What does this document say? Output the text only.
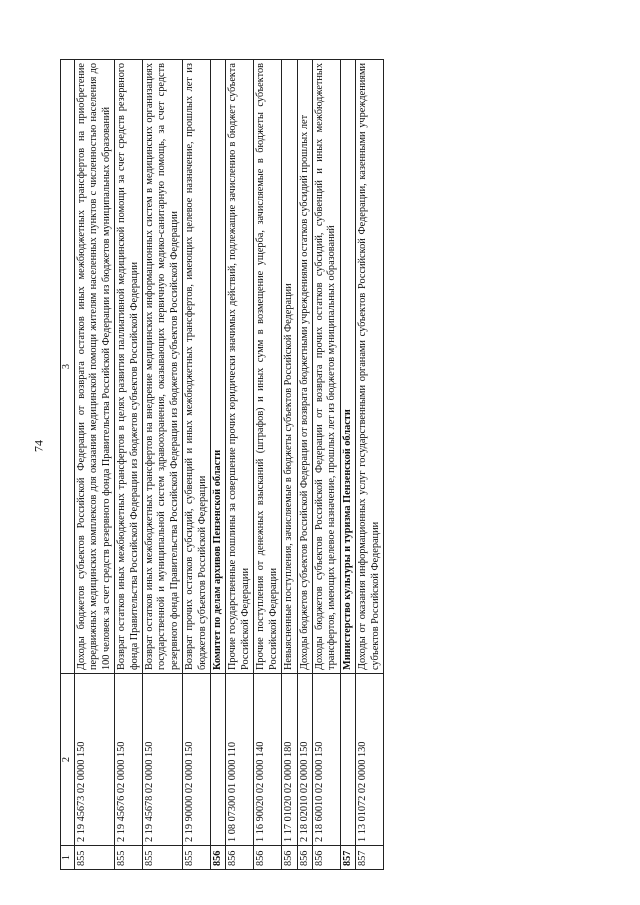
74
1	2	3
855	2 19 45673 02 0000 150	Доходы бюджетов субъектов Российской Федерации от возврата остатков иных межбюджетных трансфертов на приобретение передвижных медицинских комплексов для оказания медицинской помощи жителям населенных пунктов с численностью населения до 100 человек за счет средств резервного фонда Правительства Российской Федерации из бюджетов муниципальных образований
855	2 19 45676 02 0000 150	Возврат остатков иных межбюджетных трансфертов в целях развития паллиативной медицинской помощи за счет средств резервного фонда Правительства Российской Федерации из бюджетов субъектов Российской Федерации
855	2 19 45678 02 0000 150	Возврат остатков иных межбюджетных трансфертов на внедрение медицинских информационных систем в медицинских организациях государственной и муниципальной систем здравоохранения, оказывающих первичную медико-санитарную помощь, за счет средств резервного фонда Правительства Российской Федерации из бюджетов субъектов Российской Федерации
855	2 19 90000 02 0000 150	Возврат прочих остатков субсидий, субвенций и иных межбюджетных трансфертов, имеющих целевое назначение, прошлых лет из бюджетов субъектов Российской Федерации
856		Комитет по делам архивов Пензенской области
856	1 08 07300 01 0000 110	Прочие государственные пошлины за совершение прочих юридически значимых действий, подлежащие зачислению в бюджет субъекта Российской Федерации
856	1 16 90020 02 0000 140	Прочие поступления от денежных взысканий (штрафов) и иных сумм в возмещение ущерба, зачисляемые в бюджеты субъектов Российской Федерации
856	1 17 01020 02 0000 180	Невыясненные поступления, зачисляемые в бюджеты субъектов Российской Федерации
856	2 18 02010 02 0000 150	Доходы бюджетов субъектов Российской Федерации от возврата бюджетными учреждениями остатков субсидий прошлых лет
856	2 18 60010 02 0000 150	Доходы бюджетов субъектов Российской Федерации от возврата прочих остатков субсидий, субвенций и иных межбюджетных трансфертов, имеющих целевое назначение, прошлых лет из бюджетов муниципальных образований
857		Министерство культуры и туризма Пензенской области
857	1 13 01072 02 0000 130	Доходы от оказания информационных услуг государственными органами субъектов Российской Федерации, казенными учреждениями субъектов Российской Федерации
